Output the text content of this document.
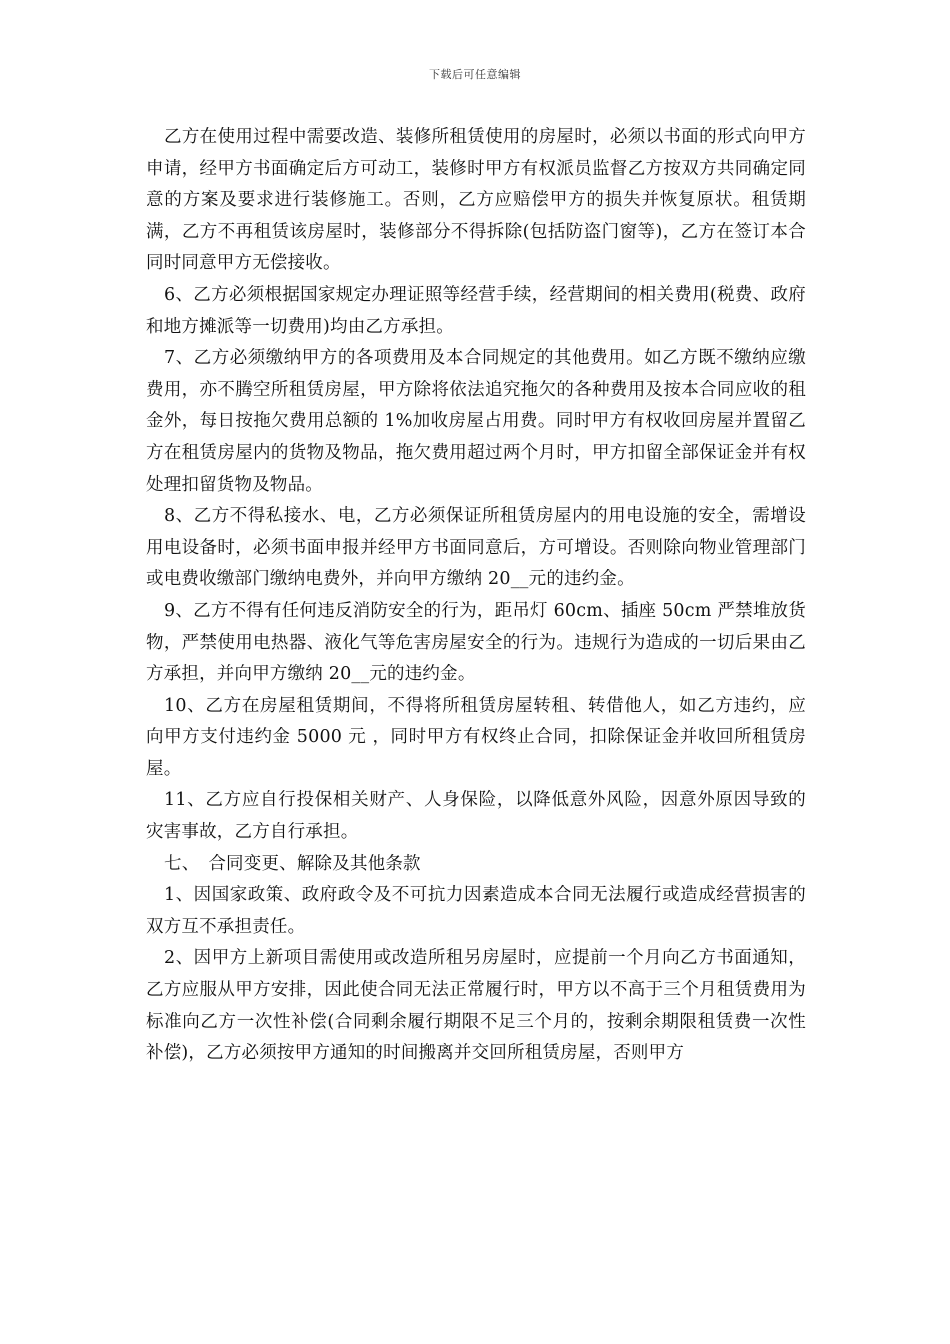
下载后可任意编辑

乙方在使用过程中需要改造、装修所租赁使用的房屋时，必须以书面的形式向甲方申请，经甲方书面确定后方可动工，装修时甲方有权派员监督乙方按双方共同确定同意的方案及要求进行装修施工。否则，乙方应赔偿甲方的损失并恢复原状。租赁期满，乙方不再租赁该房屋时，装修部分不得拆除(包括防盗门窗等)，乙方在签订本合同时同意甲方无偿接收。

6、乙方必须根据国家规定办理证照等经营手续，经营期间的相关费用(税费、政府和地方摊派等一切费用)均由乙方承担。

7、乙方必须缴纳甲方的各项费用及本合同规定的其他费用。如乙方既不缴纳应缴费用，亦不腾空所租赁房屋，甲方除将依法追究拖欠的各种费用及按本合同应收的租金外，每日按拖欠费用总额的 1%加收房屋占用费。同时甲方有权收回房屋并置留乙方在租赁房屋内的货物及物品，拖欠费用超过两个月时，甲方扣留全部保证金并有权处理扣留货物及物品。

8、乙方不得私接水、电，乙方必须保证所租赁房屋内的用电设施的安全，需增设用电设备时，必须书面申报并经甲方书面同意后，方可增设。否则除向物业管理部门或电费收缴部门缴纳电费外，并向甲方缴纳 20__元的违约金。

9、乙方不得有任何违反消防安全的行为，距吊灯 60cm、插座 50cm 严禁堆放货物，严禁使用电热器、液化气等危害房屋安全的行为。违规行为造成的一切后果由乙方承担，并向甲方缴纳 20__元的违约金。

10、乙方在房屋租赁期间，不得将所租赁房屋转租、转借他人，如乙方违约，应向甲方支付违约金 5000 元 ，同时甲方有权终止合同，扣除保证金并收回所租赁房屋。

11、乙方应自行投保相关财产、人身保险，以降低意外风险，因意外原因导致的灾害事故，乙方自行承担。

七、　合同变更、解除及其他条款

1、因国家政策、政府政令及不可抗力因素造成本合同无法履行或造成经营损害的双方互不承担责任。

2、因甲方上新项目需使用或改造所租另房屋时，应提前一个月向乙方书面通知，乙方应服从甲方安排，因此使合同无法正常履行时，甲方以不高于三个月租赁费用为标准向乙方一次性补偿(合同剩余履行期限不足三个月的，按剩余期限租赁费一次性补偿)，乙方必须按甲方通知的时间搬离并交回所租赁房屋，否则甲方
